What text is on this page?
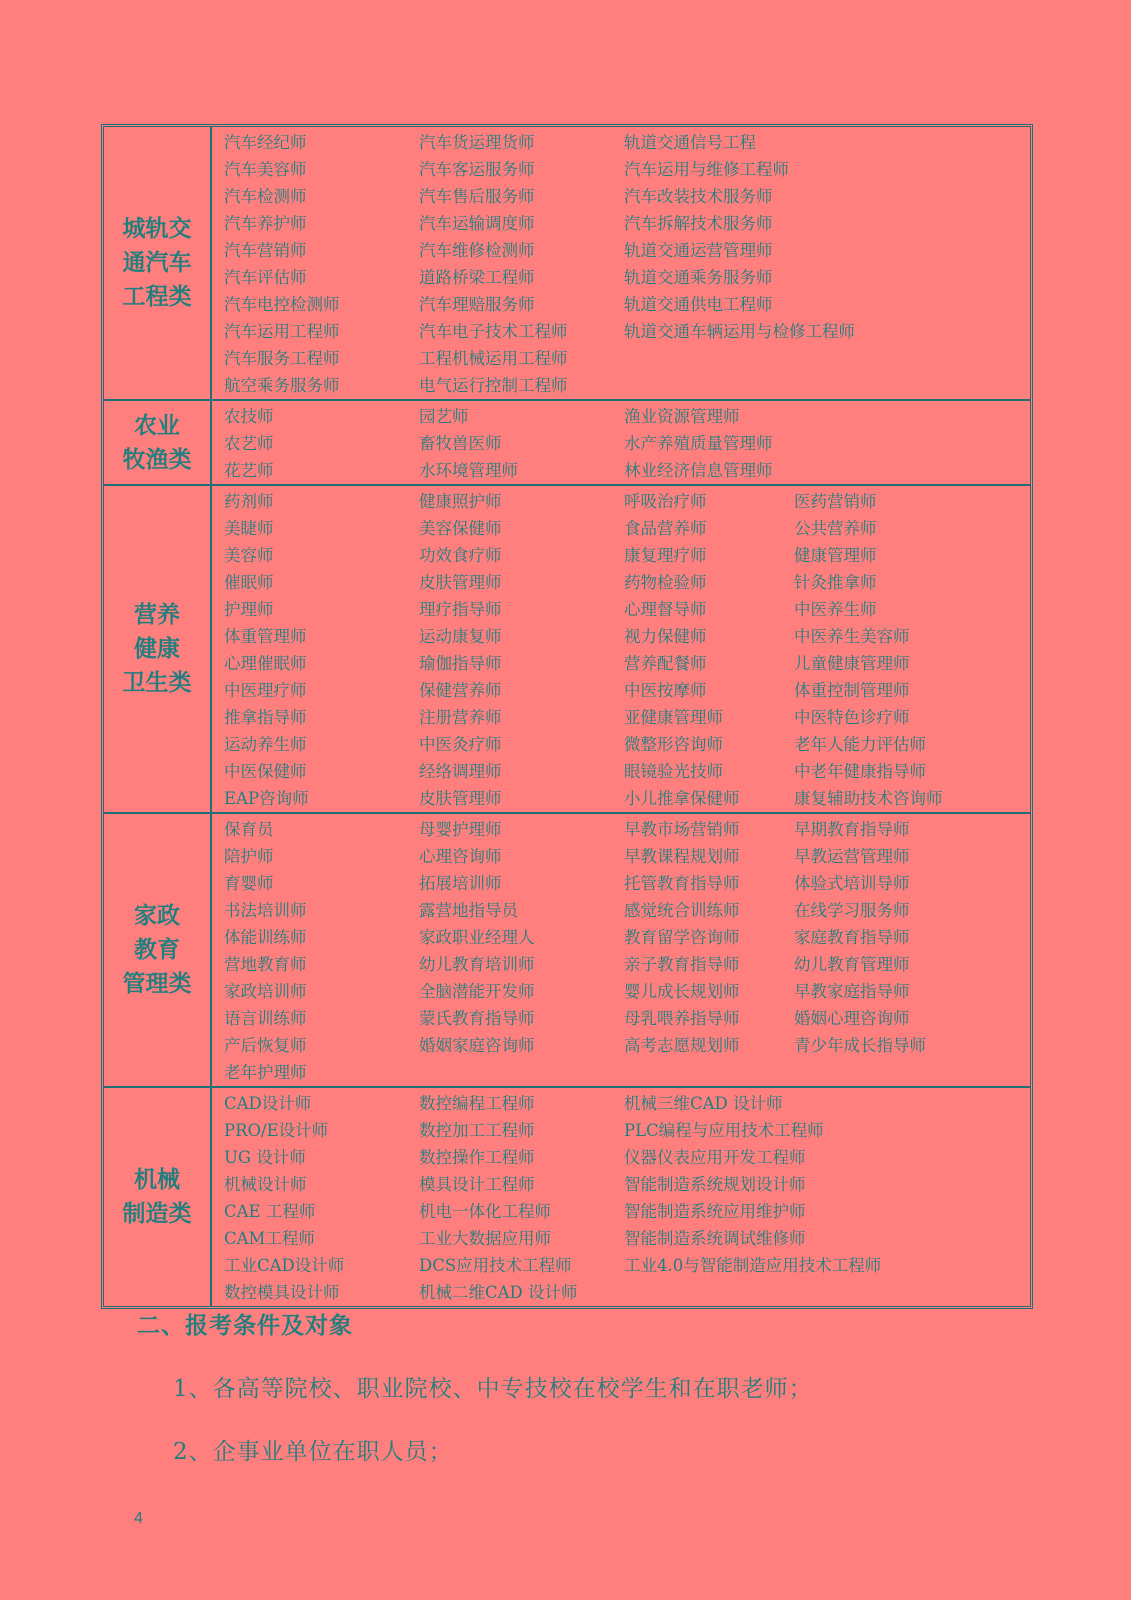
城轨交
通汽车
工程类
汽车经纪师	汽车货运理货师	轨道交通信号工程
汽车美容师	汽车客运服务师	汽车运用与维修工程师
汽车检测师	汽车售后服务师	汽车改装技术服务师
汽车养护师	汽车运输调度师	汽车拆解技术服务师
汽车营销师	汽车维修检测师	轨道交通运营管理师
汽车评估师	道路桥梁工程师	轨道交通乘务服务师
汽车电控检测师	汽车理赔服务师	轨道交通供电工程师
汽车运用工程师	汽车电子技术工程师	轨道交通车辆运用与检修工程师
汽车服务工程师	工程机械运用工程师
航空乘务服务师	电气运行控制工程师
农业
牧渔类
农技师	园艺师	渔业资源管理师
农艺师	畜牧兽医师	水产养殖质量管理师
花艺师	水环境管理师	林业经济信息管理师
营养
健康
卫生类
药剂师	健康照护师	呼吸治疗师	医药营销师
美睫师	美容保健师	食品营养师	公共营养师
美容师	功效食疗师	康复理疗师	健康管理师
催眠师	皮肤管理师	药物检验师	针灸推拿师
护理师	理疗指导师	心理督导师	中医养生师
体重管理师	运动康复师	视力保健师	中医养生美容师
心理催眠师	瑜伽指导师	营养配餐师	儿童健康管理师
中医理疗师	保健营养师	中医按摩师	体重控制管理师
推拿指导师	注册营养师	亚健康管理师	中医特色诊疗师
运动养生师	中医灸疗师	微整形咨询师	老年人能力评估师
中医保健师	经络调理师	眼镜验光技师	中老年健康指导师
EAP咨询师	皮肤管理师	小儿推拿保健师	康复辅助技术咨询师
家政
教育
管理类
保育员	母婴护理师	早教市场营销师	早期教育指导师
陪护师	心理咨询师	早教课程规划师	早教运营管理师
育婴师	拓展培训师	托管教育指导师	体验式培训导师
书法培训师	露营地指导员	感觉统合训练师	在线学习服务师
体能训练师	家政职业经理人	教育留学咨询师	家庭教育指导师
营地教育师	幼儿教育培训师	亲子教育指导师	幼儿教育管理师
家政培训师	全脑潜能开发师	婴儿成长规划师	早教家庭指导师
语言训练师	蒙氏教育指导师	母乳喂养指导师	婚姻心理咨询师
产后恢复师	婚姻家庭咨询师	高考志愿规划师	青少年成长指导师
老年护理师
机械
制造类
CAD设计师	数控编程工程师	机械三维CAD 设计师
PRO/E设计师	数控加工工程师	PLC编程与应用技术工程师
UG 设计师	数控操作工程师	仪器仪表应用开发工程师
机械设计师	模具设计工程师	智能制造系统规划设计师
CAE 工程师	机电一体化工程师	智能制造系统应用维护师
CAM工程师	工业大数据应用师	智能制造系统调试维修师
工业CAD设计师	DCS应用技术工程师	工业4.0与智能制造应用技术工程师
数控模具设计师	机械二维CAD 设计师
二、报考条件及对象
1、各高等院校、职业院校、中专技校在校学生和在职老师；
2、企事业单位在职人员；
4
